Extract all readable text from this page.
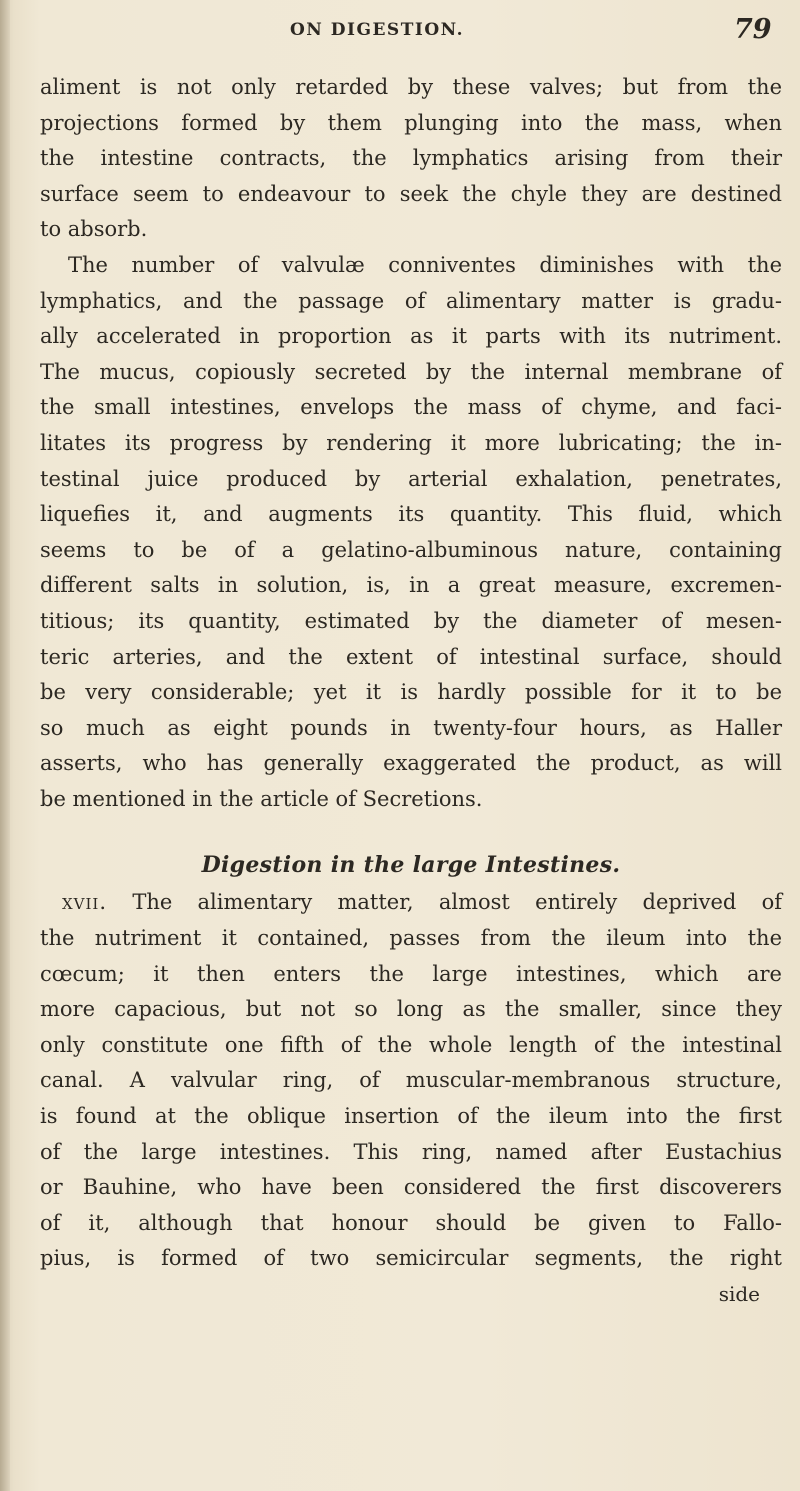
ON DIGESTION.	79
aliment is not only retarded by these valves; but from the
projections formed by them plunging into the mass, when
the intestine contracts, the lymphatics arising from their
surface seem to endeavour to seek the chyle they are destined
to absorb.
The number of valvulæ conniventes diminishes with the
lymphatics, and the passage of alimentary matter is gradu-
ally accelerated in proportion as it parts with its nutriment.
The mucus, copiously secreted by the internal membrane of
the small intestines, envelops the mass of chyme, and faci-
litates its progress by rendering it more lubricating; the in-
testinal juice produced by arterial exhalation, penetrates,
liquefies it, and augments its quantity. This fluid, which
seems to be of a gelatino-albuminous nature, containing
different salts in solution, is, in a great measure, excremen-
titious; its quantity, estimated by the diameter of mesen-
teric arteries, and the extent of intestinal surface, should
be very considerable; yet it is hardly possible for it to be
so much as eight pounds in twenty-four hours, as Haller
asserts, who has generally exaggerated the product, as will
be mentioned in the article of Secretions.
Digestion in the large Intestines.
xvii. The alimentary matter, almost entirely deprived of
the nutriment it contained, passes from the ileum into the
cœcum; it then enters the large intestines, which are
more capacious, but not so long as the smaller, since they
only constitute one fifth of the whole length of the intestinal
canal. A valvular ring, of muscular-membranous structure,
is found at the oblique insertion of the ileum into the first
of the large intestines. This ring, named after Eustachius
or Bauhine, who have been considered the first discoverers
of it, although that honour should be given to Fallo-
pius, is formed of two semicircular segments, the right
side
